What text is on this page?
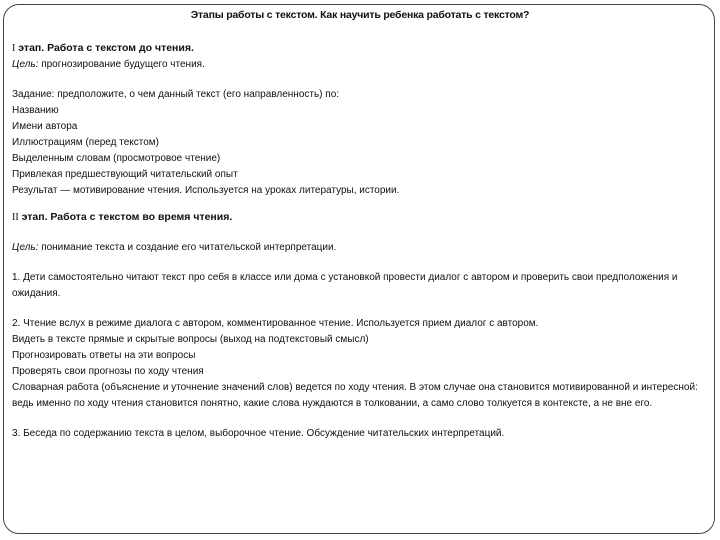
Этапы работы с текстом. Как научить ребенка работать с текстом?
I этап. Работа с текстом до чтения.
Цель: прогнозирование будущего чтения.
Задание: предположите, о чем данный текст (его направленность) по:
Названию
Имени автора
Иллюстрациям (перед текстом)
Выделенным словам (просмотровое чтение)
Привлекая предшествующий читательский опыт
Результат — мотивирование чтения. Используется на уроках литературы, истории.
II этап. Работа с текстом во время чтения.
Цель: понимание текста и создание его читательской интерпретации.
1. Дети самостоятельно читают текст про себя в классе или дома с установкой провести диалог с автором и проверить свои предположения и ожидания.
2. Чтение вслух в режиме диалога с автором, комментированное чтение. Используется прием диалог с автором.
Видеть в тексте прямые и скрытые вопросы (выход на подтекстовый смысл)
Прогнозировать ответы на эти вопросы
Проверять свои прогнозы по ходу чтения
Словарная работа (объяснение и уточнение значений слов) ведется по ходу чтения. В этом случае она становится мотивированной и интересной: ведь именно по ходу чтения становится понятно, какие слова нуждаются в толковании, а само слово толкуется в контексте, а не вне его.
3. Беседа по содержанию текста в целом, выборочное чтение. Обсуждение читательских интерпретаций.
